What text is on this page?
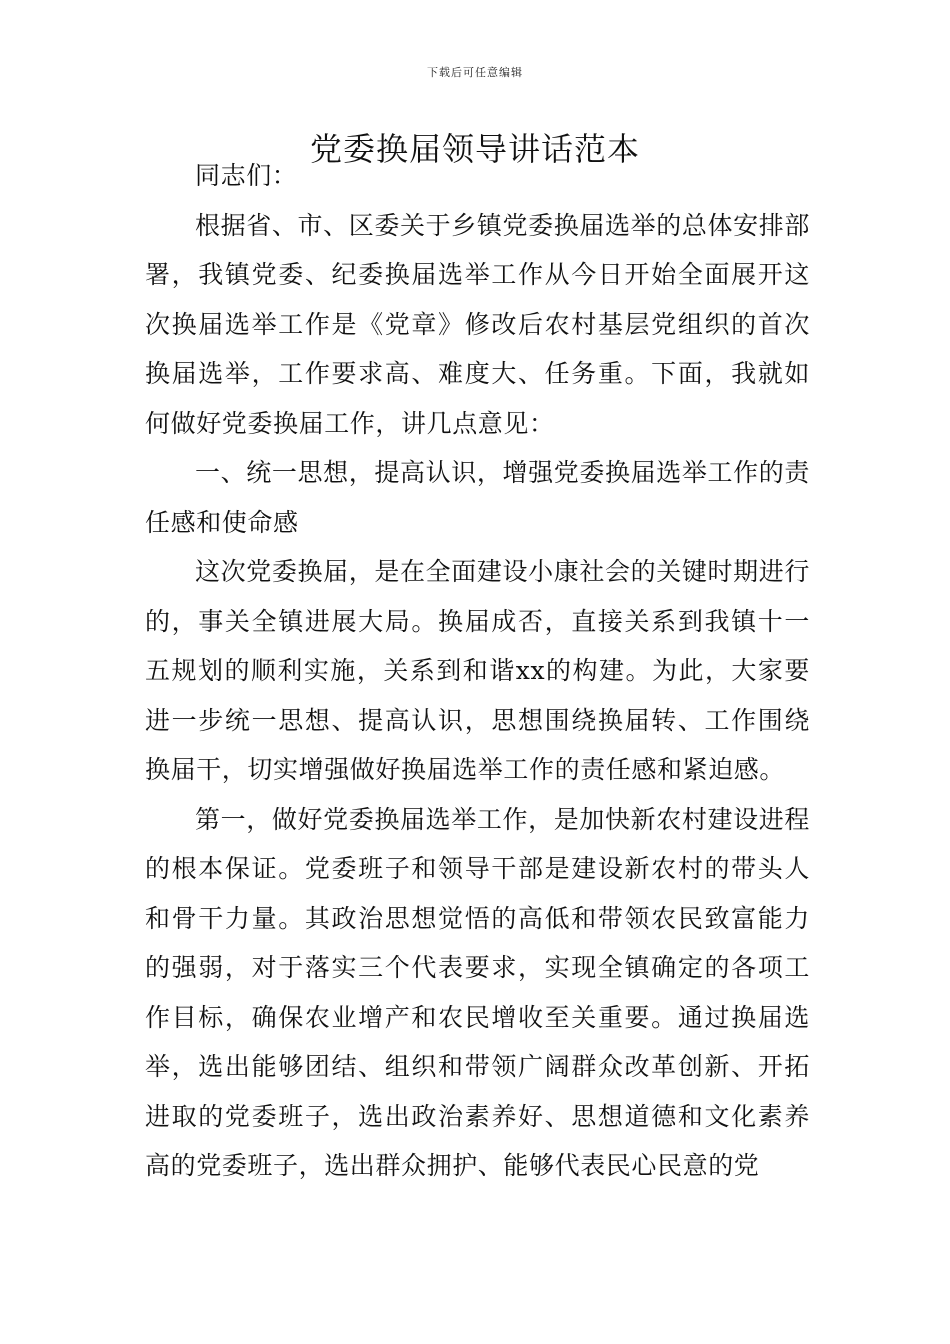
下载后可任意编辑
党委换届领导讲话范本

同志们：

根据省、市、区委关于乡镇党委换届选举的总体安排部署，我镇党委、纪委换届选举工作从今日开始全面展开这次换届选举工作是《党章》修改后农村基层党组织的首次换届选举，工作要求高、难度大、任务重。下面，我就如何做好党委换届工作，讲几点意见：

一、统一思想，提高认识，增强党委换届选举工作的责任感和使命感

这次党委换届，是在全面建设小康社会的关键时期进行的，事关全镇进展大局。换届成否，直接关系到我镇十一五规划的顺利实施，关系到和谐xx的构建。为此，大家要进一步统一思想、提高认识，思想围绕换届转、工作围绕换届干，切实增强做好换届选举工作的责任感和紧迫感。

第一，做好党委换届选举工作，是加快新农村建设进程的根本保证。党委班子和领导干部是建设新农村的带头人和骨干力量。其政治思想觉悟的高低和带领农民致富能力的强弱，对于落实三个代表要求，实现全镇确定的各项工作目标，确保农业增产和农民增收至关重要。通过换届选举，选出能够团结、组织和带领广阔群众改革创新、开拓进取的党委班子，选出政治素养好、思想道德和文化素养高的党委班子，选出群众拥护、能够代表民心民意的党
